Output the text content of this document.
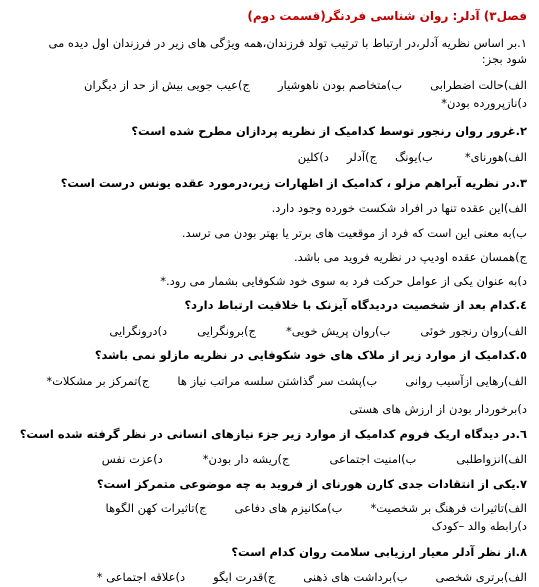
فصل۳) آدلر: روان شناسی فردنگر(قسمت دوم)
۱.بر اساس نظریه آدلر،در ارتباط با ترتیب تولد فرزندان،همه ویژگی های زیر در فرزندان اول دیده می
شود بجز:
الف)حالت اضطرابی
ب)متخاصم بودن ناهوشیار
ج)عیب جویی بیش از حد از دیگران
د)نازپرورده بودن*
۲.غرور روان رنجور توسط کدامیک از نظریه پردازان مطرح شده است؟
الف)هورنای*
ب)یونگ
ج)آدلر
د)کلین
۳.در نظریه آبراهم مزلو ، کدامیک از اظهارات زیر،درمورد عقده یونس درست است؟
الف)این عقده تنها در افراد شکست خورده وجود دارد.
ب)به معنی این است که فرد از موقعیت های برتر یا بهتر بودن می ترسد.
ج)همسان عقده اودیپ در نظریه فروید می باشد.
د)به عنوان یکی از عوامل حرکت فرد به سوی خود شکوفایی بشمار می رود.*
٤.کدام بعد از شخصیت دردیدگاه آیزنک با خلاقیت ارتباط دارد؟
الف)روان رنجور خوئی
ب)روان پریش خویی*
ج)برونگرایی
د)درونگرایی
٥.کدامیک از موارد زیر از ملاک های خود شکوفایی در نظریه مازلو نمی باشد؟
الف)رهایی ازآسیب روانی
ب)پشت سر گذاشتن سلسه مراتب نیاز ها
ج)تمرکز بر مشکلات*
د)برخوردار بودن از ارزش های هستی
٦.در دیدگاه اریک فروم کدامیک از موارد زیر جزء نیازهای انسانی در نظر گرفته شده است؟
الف)انزواطلبی
ب)امنیت اجتماعی
ج)ریشه دار بودن*
د)عزت نفس
۷.یکی از انتقادات جدی کارن هورنای از فروید به چه موضوعی متمرکز است؟
الف)تاثیرات فرهنگ بر شخصیت*
ب)مکانیزم های دفاعی
ج)تاثیرات کهن الگوها
د)رابطه والد –کودک
۸.از نظر آدلر معیار ارزیابی سلامت روان کدام است؟
الف)برتری شخصی
ب)برداشت های ذهنی
ج)قدرت ایگو
د)علاقه اجتماعی *
